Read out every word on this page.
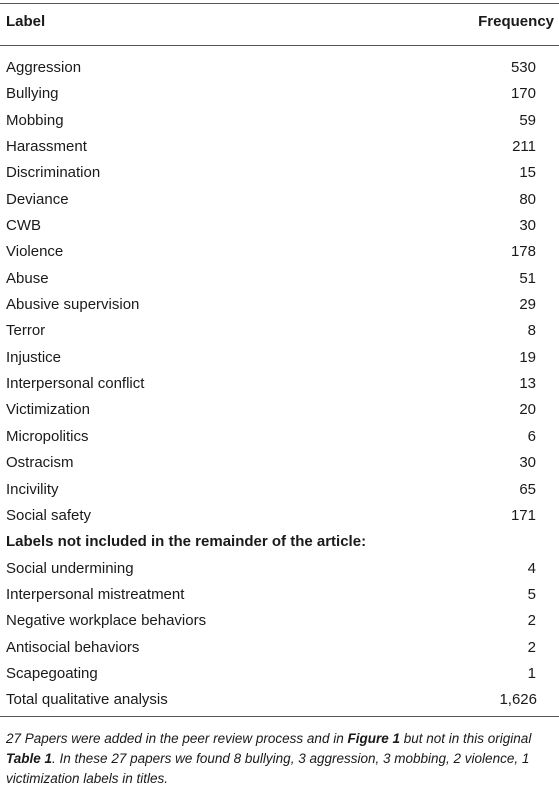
Label	Frequency
Aggression	530
Bullying	170
Mobbing	59
Harassment	211
Discrimination	15
Deviance	80
CWB	30
Violence	178
Abuse	51
Abusive supervision	29
Terror	8
Injustice	19
Interpersonal conflict	13
Victimization	20
Micropolitics	6
Ostracism	30
Incivility	65
Social safety	171
Labels not included in the remainder of the article:
Social undermining	4
Interpersonal mistreatment	5
Negative workplace behaviors	2
Antisocial behaviors	2
Scapegoating	1
Total qualitative analysis	1,626
27 Papers were added in the peer review process and in Figure 1 but not in this original Table 1. In these 27 papers we found 8 bullying, 3 aggression, 3 mobbing, 2 violence, 1 victimization labels in titles.
